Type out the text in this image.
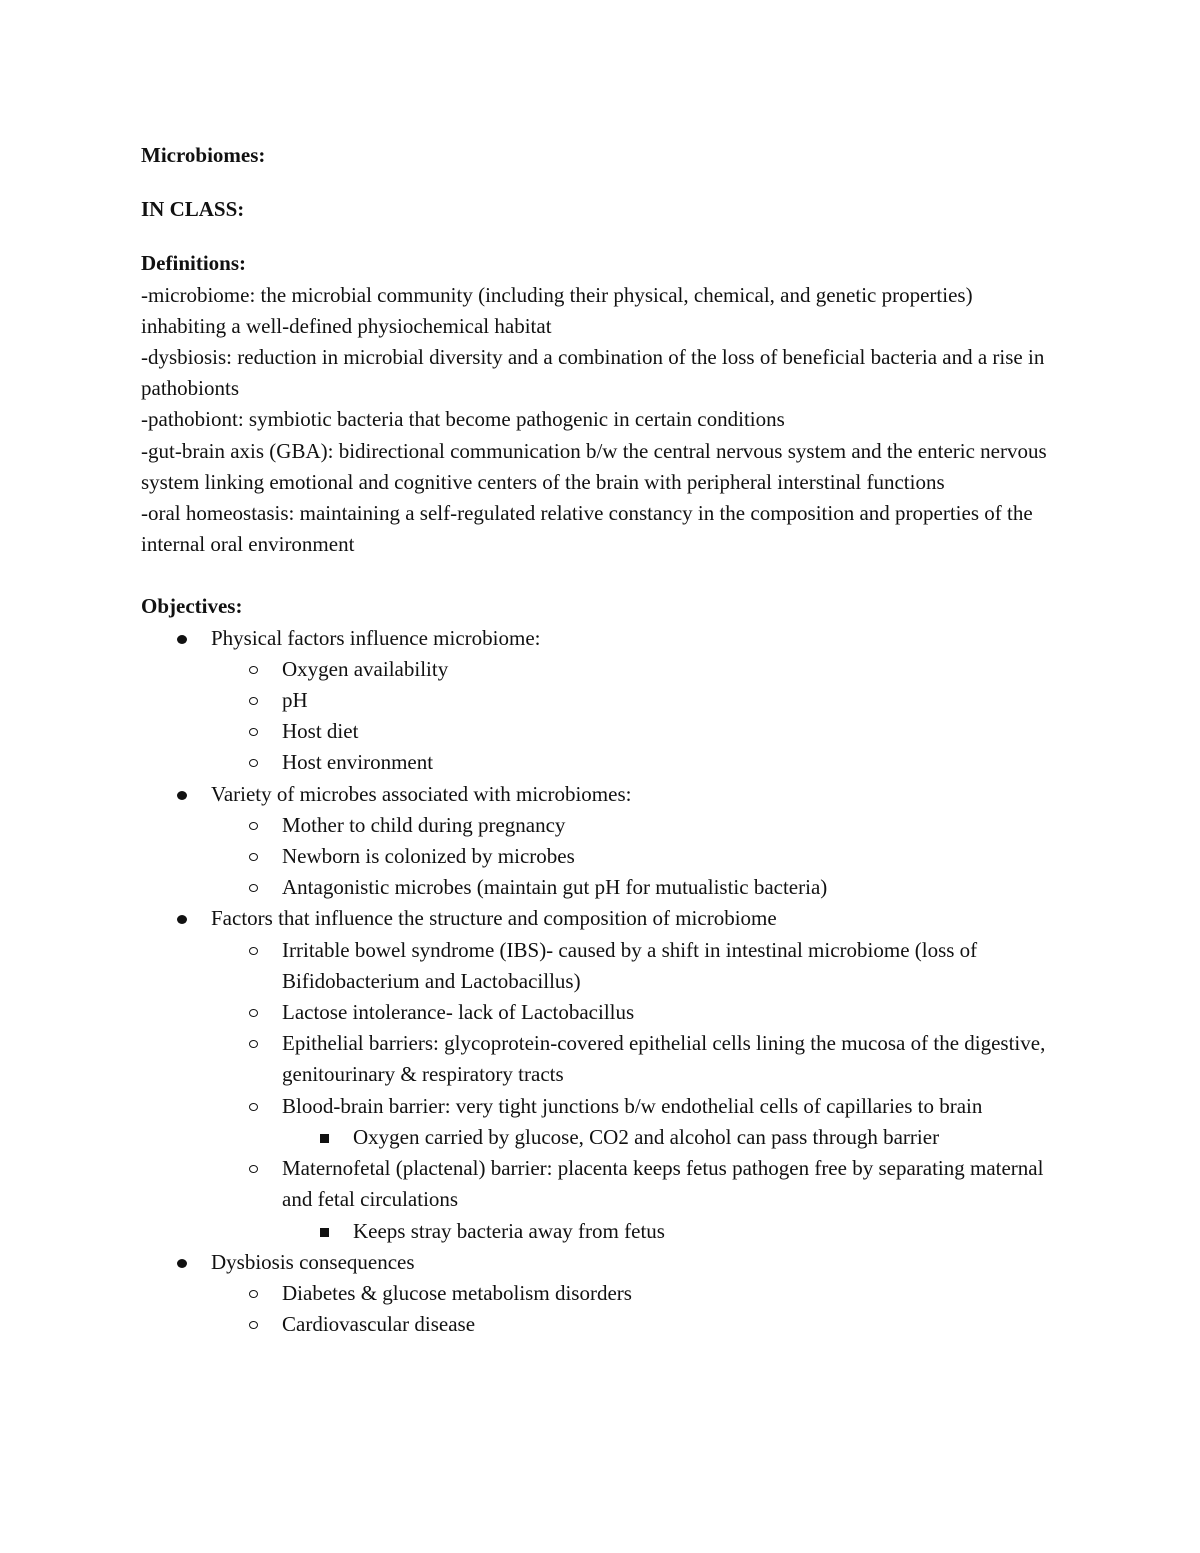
Microbiomes:

IN CLASS:

Definitions:

-microbiome: the microbial community (including their physical, chemical, and genetic properties) inhabiting a well-defined physiochemical habitat

-dysbiosis: reduction in microbial diversity and a combination of the loss of beneficial bacteria and a rise in pathobionts

-pathobiont: symbiotic bacteria that become pathogenic in certain conditions

-gut-brain axis (GBA): bidirectional communication b/w the central nervous system and the enteric nervous system linking emotional and cognitive centers of the brain with peripheral interstinal functions

-oral homeostasis: maintaining a self-regulated relative constancy in the composition and properties of the internal oral environment

Objectives:

Physical factors influence microbiome:
Oxygen availability
pH
Host diet
Host environment
Variety of microbes associated with microbiomes:
Mother to child during pregnancy
Newborn is colonized by microbes
Antagonistic microbes (maintain gut pH for mutualistic bacteria)
Factors that influence the structure and composition of microbiome
Irritable bowel syndrome (IBS)- caused by a shift in intestinal microbiome (loss of Bifidobacterium and Lactobacillus)
Lactose intolerance- lack of Lactobacillus
Epithelial barriers: glycoprotein-covered epithelial cells lining the mucosa of the digestive, genitourinary & respiratory tracts
Blood-brain barrier: very tight junctions b/w endothelial cells of capillaries to brain
Oxygen carried by glucose, CO2 and alcohol can pass through barrier
Maternofetal (plactenal) barrier: placenta keeps fetus pathogen free by separating maternal and fetal circulations
Keeps stray bacteria away from fetus
Dysbiosis consequences
Diabetes & glucose metabolism disorders
Cardiovascular disease
